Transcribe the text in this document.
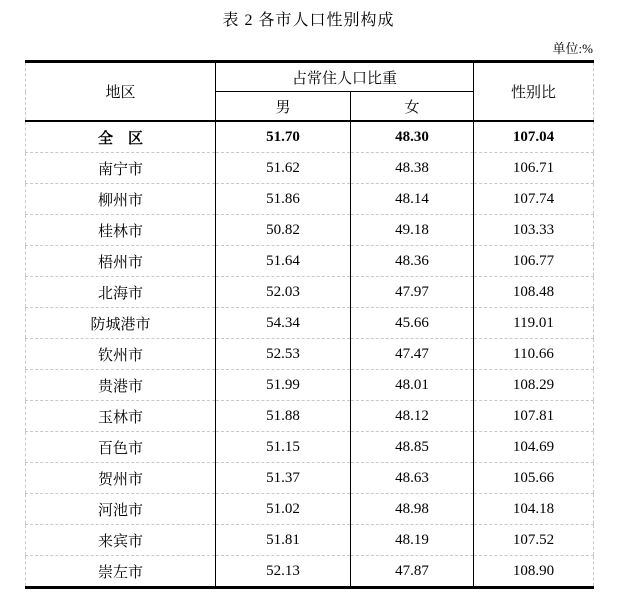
表 2 各市人口性别构成
单位:%
地区	占常住人口比重		性别比
	男	女	
全　区	51.70	48.30	107.04
南宁市	51.62	48.38	106.71
柳州市	51.86	48.14	107.74
桂林市	50.82	49.18	103.33
梧州市	51.64	48.36	106.77
北海市	52.03	47.97	108.48
防城港市	54.34	45.66	119.01
钦州市	52.53	47.47	110.66
贵港市	51.99	48.01	108.29
玉林市	51.88	48.12	107.81
百色市	51.15	48.85	104.69
贺州市	51.37	48.63	105.66
河池市	51.02	48.98	104.18
来宾市	51.81	48.19	107.52
崇左市	52.13	47.87	108.90
